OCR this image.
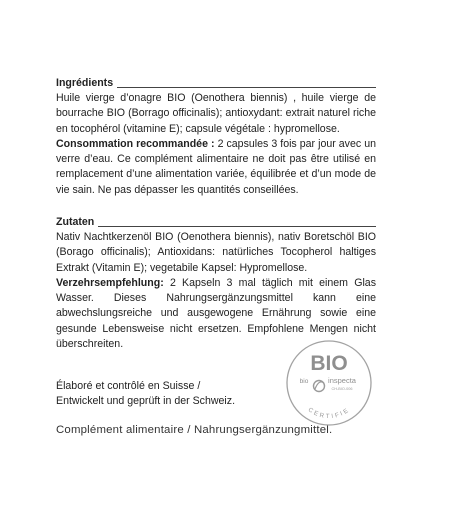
Ingrédients

Huile vierge d’onagre BIO (Oenothera biennis) , huile vierge de bourrache BIO (Borrago officinalis); antioxydant: extrait naturel riche en tocophérol (vitamine E); capsule végétale : hypromellose.

Consommation recommandée : 2 capsules 3 fois par jour avec un verre d’eau. Ce complément alimentaire ne doit pas être utilisé en remplacement d’une alimentation variée, équilibrée et d’un mode de vie sain. Ne pas dépasser les quantités conseillées.

Zutaten

Nativ Nachtkerzenöl BIO (Oenothera biennis), nativ Boretschöl BIO (Borago officinalis); Antioxidans: natürliches Tocopherol haltiges Extrakt (Vitamin E); vegetabile Kapsel: Hypromellose.

Verzehrsempfehlung: 2 Kapseln 3 mal täglich mit einem Glas Wasser. Dieses Nahrungsergänzungsmittel kann eine abwechslungsreiche und ausgewogene Ernährung sowie eine gesunde Lebensweise nicht ersetzen. Empfohlene Mengen nicht überschreiten.

Élaboré et contrôlé en Suisse /
Entwickelt und geprüft in der Schweiz.
Complément alimentaire / Nahrungsergänzungmittel.
BIO
bio	inspecta
CH-BIO-006
CERTIFIE
